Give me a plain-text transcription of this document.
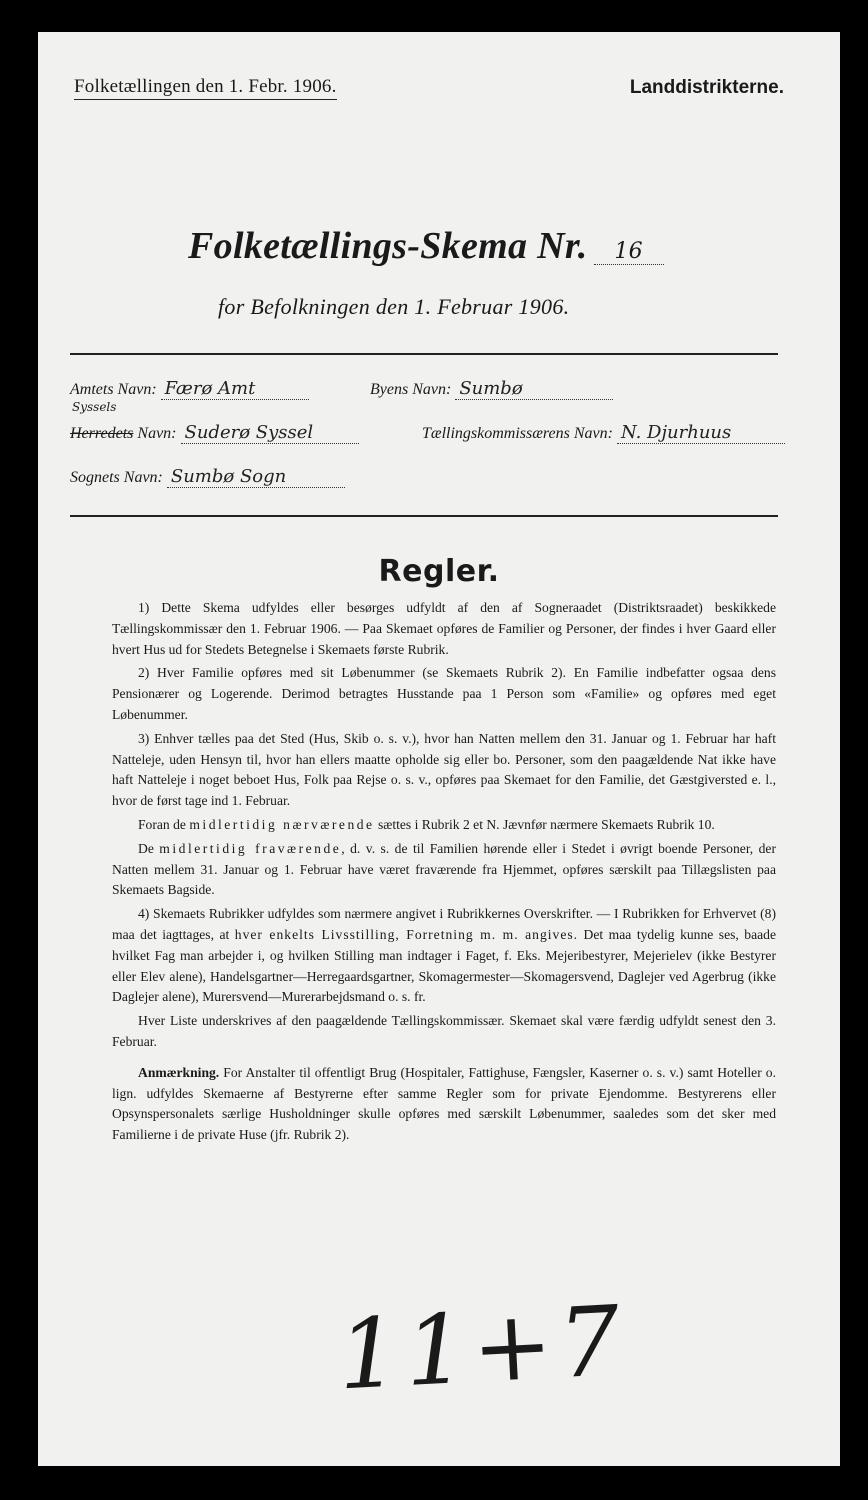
Folketællingen den 1. Febr. 1906.	Landdistrikterne.
Folketællings-Skema Nr. 16
for Befolkningen den 1. Februar 1906.
Amtets Navn: Færø Amt	Byens Navn: Sumbø
Syssels
Herredets Navn: Suderø Syssel	Tællingskommissærens Navn: N. Djurhuus
Sognets Navn: Sumbø Sogn
Regler.

1) Dette Skema udfyldes eller besørges udfyldt af den af Sogneraadet (Distriktsraadet) beskikkede Tællingskommissær den 1. Februar 1906. — Paa Skemaet opføres de Familier og Personer, der findes i hver Gaard eller hvert Hus ud for Stedets Betegnelse i Skemaets første Rubrik.

2) Hver Familie opføres med sit Løbenummer (se Skemaets Rubrik 2). En Familie indbefatter ogsaa dens Pensionærer og Logerende. Derimod betragtes Husstande paa 1 Person som «Familie» og opføres med eget Løbenummer.

3) Enhver tælles paa det Sted (Hus, Skib o. s. v.), hvor han Natten mellem den 31. Januar og 1. Februar har haft Natteleje, uden Hensyn til, hvor han ellers maatte opholde sig eller bo. Personer, som den paagældende Nat ikke have haft Natteleje i noget beboet Hus, Folk paa Rejse o. s. v., opføres paa Skemaet for den Familie, det Gæstgiversted e. l., hvor de først tage ind 1. Februar.

Foran de midlertidig nærværende sættes i Rubrik 2 et N. Jævnfør nærmere Skemaets Rubrik 10.

De midlertidig fraværende, d. v. s. de til Familien hørende eller i Stedet i øvrigt boende Personer, der Natten mellem 31. Januar og 1. Februar have været fraværende fra Hjemmet, opføres særskilt paa Tillægslisten paa Skemaets Bagside.

4) Skemaets Rubrikker udfyldes som nærmere angivet i Rubrikkernes Overskrifter. — I Rubrikken for Erhvervet (8) maa det iagttages, at hver enkelts Livsstilling, Forretning m. m. angives. Det maa tydelig kunne ses, baade hvilket Fag man arbejder i, og hvilken Stilling man indtager i Faget, f. Eks. Mejeribestyrer, Mejerielev (ikke Bestyrer eller Elev alene), Handelsgartner—Herregaardsgartner, Skomagermester—Skomagersvend, Daglejer ved Agerbrug (ikke Daglejer alene), Murersvend—Murerarbejdsmand o. s. fr.

Hver Liste underskrives af den paagældende Tællingskommissær. Skemaet skal være færdig udfyldt senest den 3. Februar.

Anmærkning. For Anstalter til offentligt Brug (Hospitaler, Fattighuse, Fængsler, Kaserner o. s. v.) samt Hoteller o. lign. udfyldes Skemaerne af Bestyrerne efter samme Regler som for private Ejendomme. Bestyrerens eller Opsynspersonalets særlige Husholdninger skulle opføres med særskilt Løbenummer, saaledes som det sker med Familierne i de private Huse (jfr. Rubrik 2).

11+7
